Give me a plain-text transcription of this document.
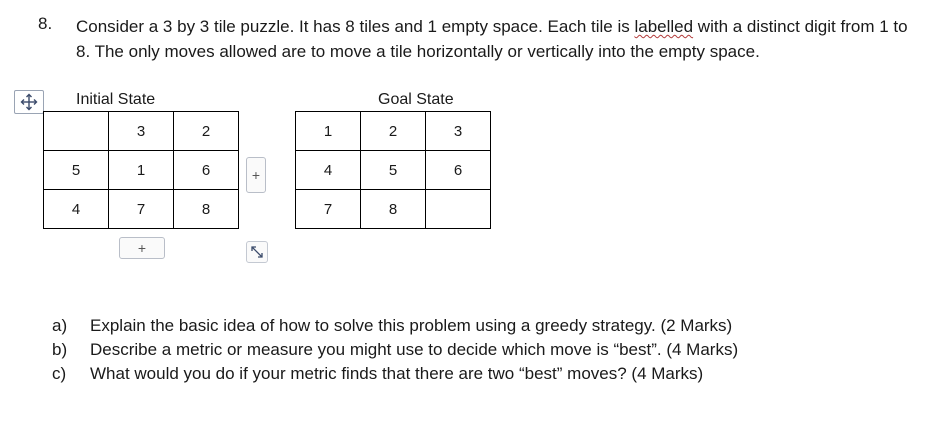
8. Consider a 3 by 3 tile puzzle. It has 8 tiles and 1 empty space. Each tile is labelled with a distinct digit from 1 to 8. The only moves allowed are to move a tile horizontally or vertically into the empty space.
Initial State	Goal State
	3	2
5	1	6
4	7	8
1	2	3
4	5	6
7	8	
+
+
a)	Explain the basic idea of how to solve this problem using a greedy strategy. (2 Marks)
b)	Describe a metric or measure you might use to decide which move is “best”. (4 Marks)
c)	What would you do if your metric finds that there are two “best” moves? (4 Marks)
